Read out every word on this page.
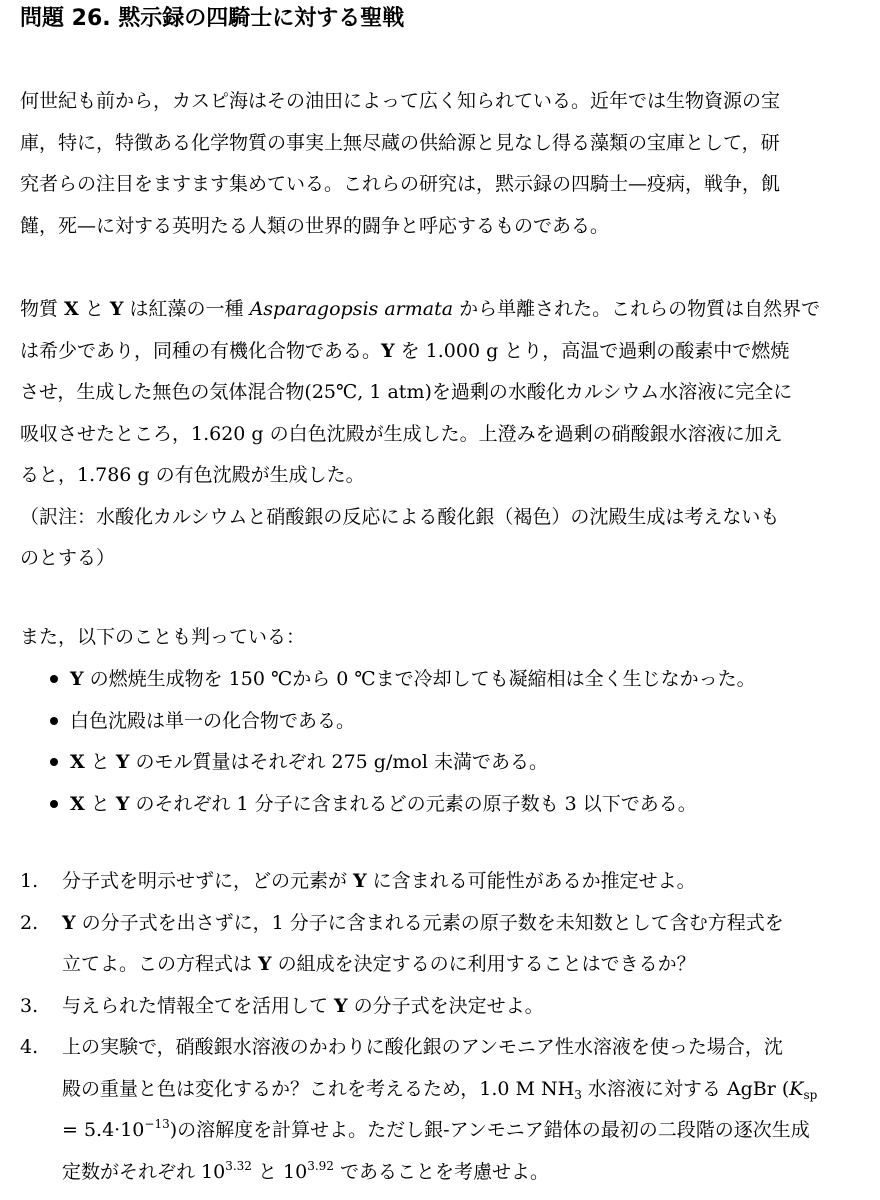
問題 26. 黙示録の四騎士に対する聖戦
何世紀も前から，カスピ海はその油田によって広く知られている。近年では生物資源の宝
庫，特に，特徴ある化学物質の事実上無尽蔵の供給源と見なし得る藻類の宝庫として，研
究者らの注目をますます集めている。これらの研究は，黙示録の四騎士—疫病，戦争，飢
饉，死—に対する英明たる人類の世界的闘争と呼応するものである。
物質 X と Y は紅藻の一種 Asparagopsis armata から単離された。これらの物質は自然界で
は希少であり，同種の有機化合物である。Y を 1.000 g とり，高温で過剰の酸素中で燃焼
させ，生成した無色の気体混合物(25℃, 1 atm)を過剰の水酸化カルシウム水溶液に完全に
吸収させたところ，1.620 g の白色沈殿が生成した。上澄みを過剰の硝酸銀水溶液に加え
ると，1.786 g の有色沈殿が生成した。
（訳注：水酸化カルシウムと硝酸銀の反応による酸化銀（褐色）の沈殿生成は考えないも
のとする）
また，以下のことも判っている：
Y の燃焼生成物を 150 ℃から 0 ℃まで冷却しても凝縮相は全く生じなかった。
白色沈殿は単一の化合物である。
X と Y のモル質量はそれぞれ 275 g/mol 未満である。
X と Y のそれぞれ 1 分子に含まれるどの元素の原子数も 3 以下である。
1. 分子式を明示せずに，どの元素が Y に含まれる可能性があるか推定せよ。
2. Y の分子式を出さずに，1 分子に含まれる元素の原子数を未知数として含む方程式を
立てよ。この方程式は Y の組成を決定するのに利用することはできるか？
3. 与えられた情報全てを活用して Y の分子式を決定せよ。
4. 上の実験で，硝酸銀水溶液のかわりに酸化銀のアンモニア性水溶液を使った場合，沈
殿の重量と色は変化するか？これを考えるため，1.0 M $NH_3$ 水溶液に対する AgBr ($K_{sp}$
= $5.4\cdot 10^{-13}$)の溶解度を計算せよ。ただし銀-アンモニア錯体の最初の二段階の逐次生成
定数がそれぞれ $10^{3.32}$ と $10^{3.92}$ であることを考慮せよ。
